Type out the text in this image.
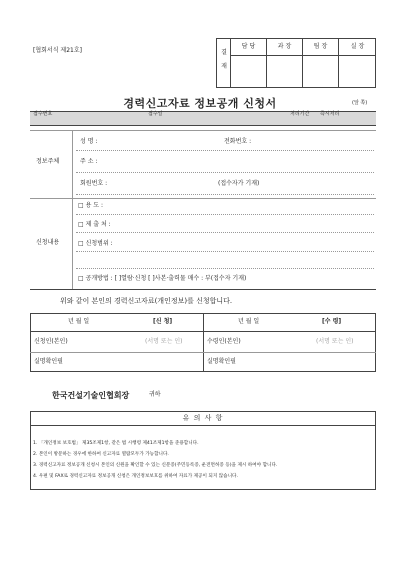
[협회서식 제21호]	결 재
담 당	과 장	팀 장	실 장
경력신고자료 정보공개 신청서	(앞 쪽)
접수번호	접수일	처리기간 즉시처리
정보주체
성 명 :	전화번호 :
주 소 :
회원번호 :	(접수자가 기재)
신청내용
□ 용 도 :
□ 제 출 처 :
□ 신청범위 :
□ 공개방법 : [ ]열람·신청 [ ]사본·출력물 매수 : 부(접수자 기재)
위와 같이 본인의 경력신고자료(개인정보)를 신청합니다.
년 월 일	[신 청]	년 월 일	[수 령]
신청인(본인)	(서명 또는 인)	수령인(본인)	(서명 또는 인)
실명확인필	실명확인필
한국건설기술인협회장	귀하
유 의 사 항
1. 「개인정보 보호법」 제35조제1항, 같은 법 시행령 제41조제1항을 준용합니다.
2. 본인이 방문하는 경우에 한하여 신고자료 열람모두가 가능합니다.
3. 경력신고자료 정보공개 신청시 본인의 신원을 확인할 수 있는 신분증(주민등록증, 운전면허증 등)을 제시 하여야 합니다.
4. 우편 및 FAX로 경력신고자료 정보공개 신청은 개인정보보호를 위하여 자료가 제공이 되지 않습니다.
